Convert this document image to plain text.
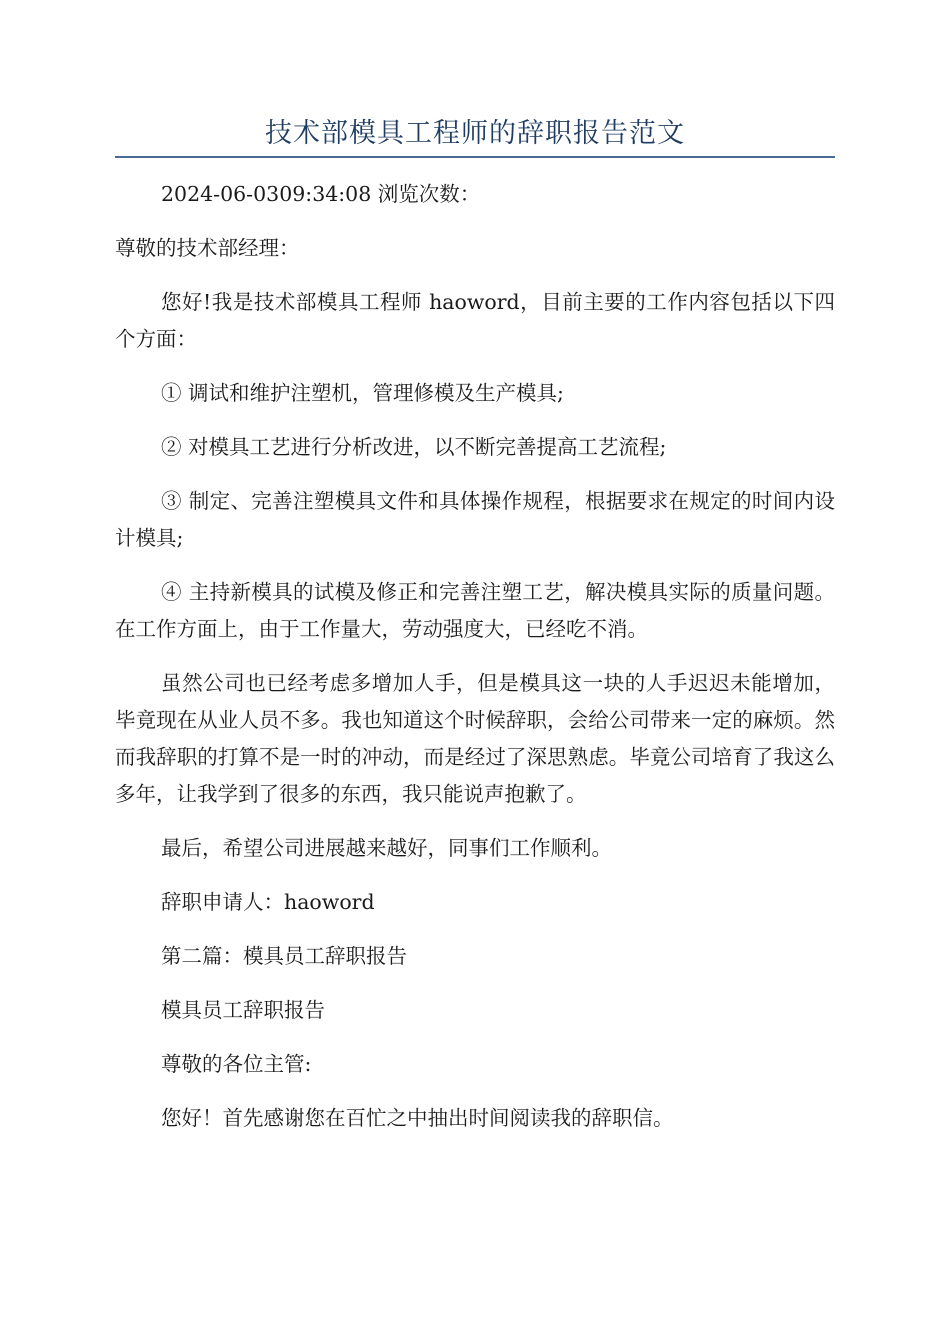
技术部模具工程师的辞职报告范文

2024-06-0309:34:08 浏览次数：

尊敬的技术部经理：

您好!我是技术部模具工程师 haoword，目前主要的工作内容包括以下四个方面：

① 调试和维护注塑机，管理修模及生产模具;

② 对模具工艺进行分析改进，以不断完善提高工艺流程;

③ 制定、完善注塑模具文件和具体操作规程，根据要求在规定的时间内设计模具;

④ 主持新模具的试模及修正和完善注塑工艺，解决模具实际的质量问题。在工作方面上，由于工作量大，劳动强度大，已经吃不消。

虽然公司也已经考虑多增加人手，但是模具这一块的人手迟迟未能增加，毕竟现在从业人员不多。我也知道这个时候辞职，会给公司带来一定的麻烦。然而我辞职的打算不是一时的冲动，而是经过了深思熟虑。毕竟公司培育了我这么多年，让我学到了很多的东西，我只能说声抱歉了。

最后，希望公司进展越来越好，同事们工作顺利。

辞职申请人：haoword

第二篇：模具员工辞职报告

模具员工辞职报告

尊敬的各位主管:

您好！首先感谢您在百忙之中抽出时间阅读我的辞职信。
